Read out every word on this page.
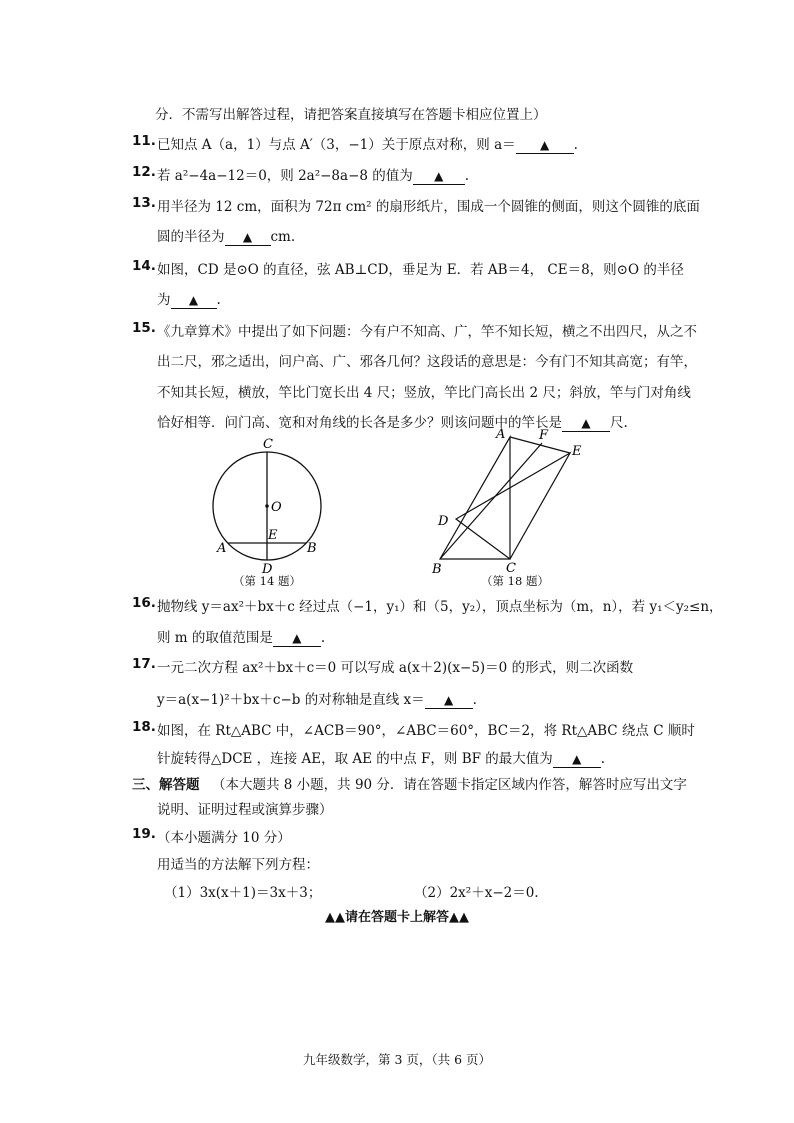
分．不需写出解答过程，请把答案直接填写在答题卡相应位置上）
11. 已知点 A（a，1）与点 A′（3，−1）关于原点对称，则 a＝ ▲ .
12. 若 a²−4a−12＝0，则 2a²−8a−8 的值为 ▲ .
13. 用半径为 12 cm，面积为 72π cm² 的扇形纸片，围成一个圆锥的侧面，则这个圆锥的底面
圆的半径为 ▲ cm.
14. 如图，CD 是⊙O 的直径，弦 AB⊥CD，垂足为 E．若 AB＝4， CE＝8，则⊙O 的半径
为 ▲ .
15. 《九章算术》中提出了如下问题：今有户不知高、广，竿不知长短，横之不出四尺，从之不
出二尺，邪之适出，问户高、广、邪各几何？这段话的意思是：今有门不知其高宽；有竿，
不知其长短，横放，竿比门宽长出 4 尺；竖放，竿比门高长出 2 尺；斜放，竿与门对角线
恰好相等．问门高、宽和对角线的长各是多少？则该问题中的竿长是 ▲ 尺.
C
O
E
A	B
D
（第 14 题）
A	F
E
D
B	C
（第 18 题）
16. 抛物线 y＝ax²＋bx＋c 经过点（−1，y₁）和（5，y₂），顶点坐标为（m，n），若 y₁＜y₂≤n，
则 m 的取值范围是 ▲ .
17. 一元二次方程 ax²＋bx＋c＝0 可以写成 a(x＋2)(x−5)＝0 的形式，则二次函数
y＝a(x−1)²＋bx＋c−b 的对称轴是直线 x＝ ▲ .
18. 如图，在 Rt△ABC 中，∠ACB＝90°，∠ABC＝60°，BC＝2，将 Rt△ABC 绕点 C 顺时
针旋转得△DCE ，连接 AE，取 AE 的中点 F，则 BF 的最大值为 ▲ .
三、解答题 （本大题共 8 小题，共 90 分．请在答题卡指定区域内作答，解答时应写出文字
说明、证明过程或演算步骤）
19. （本小题满分 10 分）
用适当的方法解下列方程：
（1）3x(x＋1)＝3x＋3；	（2）2x²＋x−2＝0.
▲▲请在答题卡上解答▲▲
九年级数学，第 3 页，（共 6 页）
